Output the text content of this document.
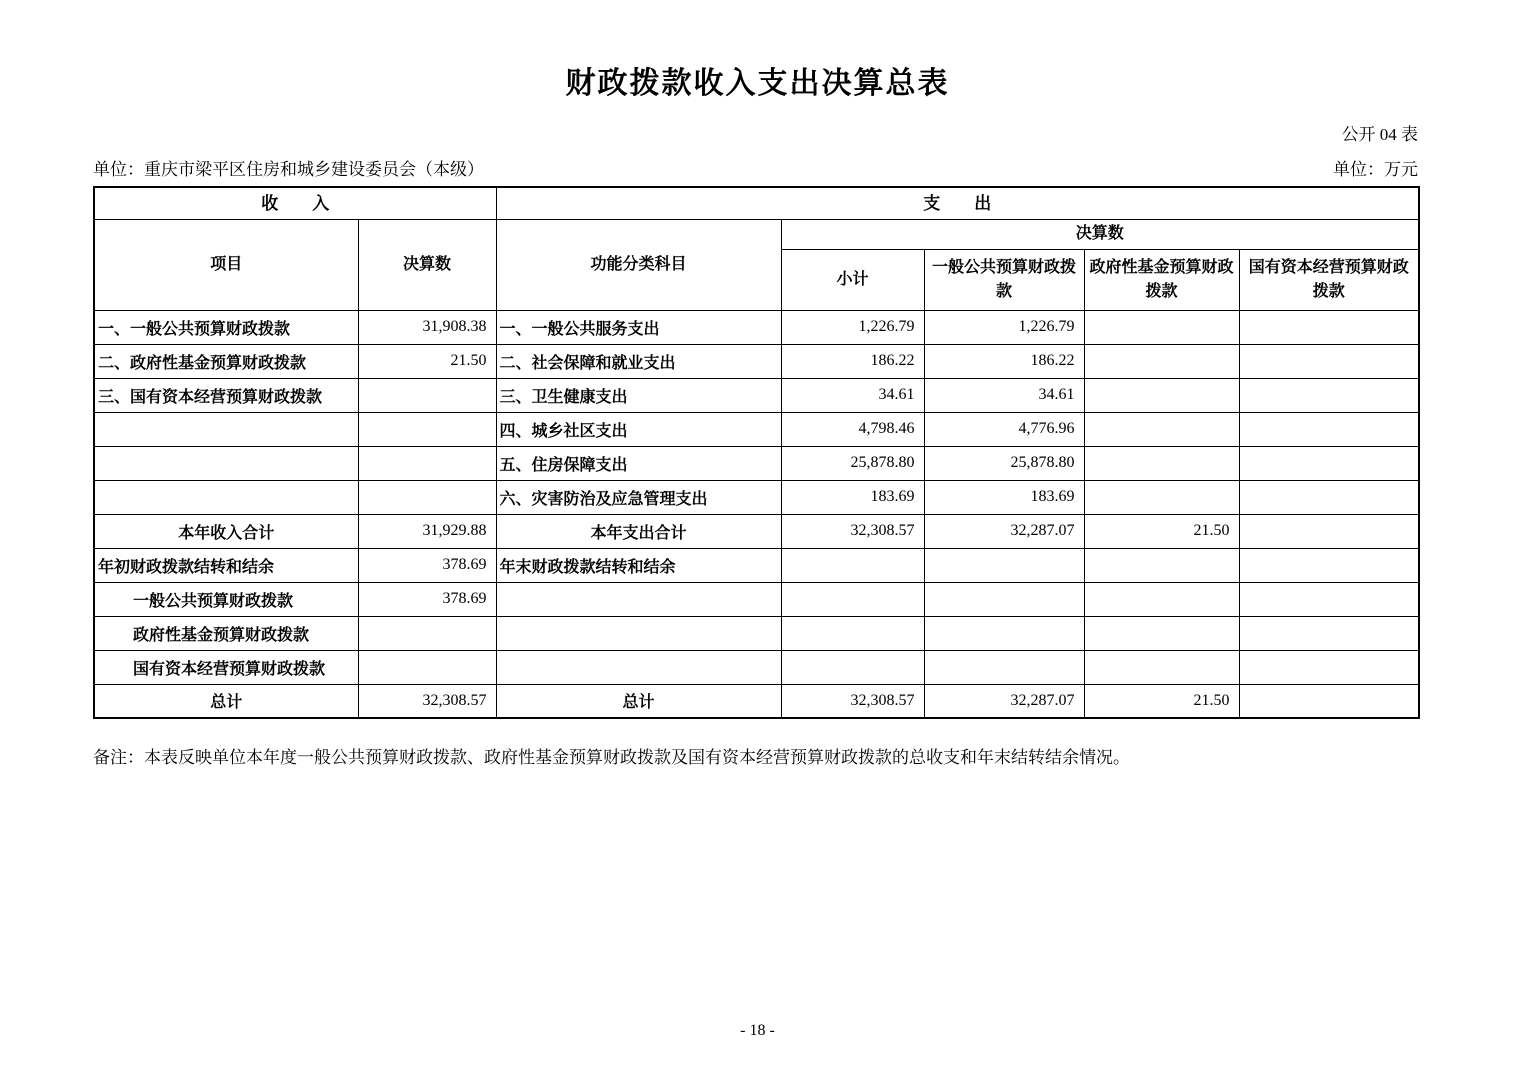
财政拨款收入支出决算总表
公开 04 表
单位：重庆市梁平区住房和城乡建设委员会（本级）	单位：万元
收　　入		支　　出				
项目	决算数	功能分类科目	决算数			
			小计	一般公共预算财政拨款	政府性基金预算财政拨款	国有资本经营预算财政拨款
一、一般公共预算财政拨款	31,908.38	一、一般公共服务支出	1,226.79	1,226.79		
二、政府性基金预算财政拨款	21.50	二、社会保障和就业支出	186.22	186.22		
三、国有资本经营预算财政拨款		三、卫生健康支出	34.61	34.61		
		四、城乡社区支出	4,798.46	4,776.96		
		五、住房保障支出	25,878.80	25,878.80		
		六、灾害防治及应急管理支出	183.69	183.69		
本年收入合计	31,929.88	本年支出合计	32,308.57	32,287.07	21.50	
年初财政拨款结转和结余	378.69	年末财政拨款结转和结余				
一般公共预算财政拨款	378.69					
政府性基金预算财政拨款						
国有资本经营预算财政拨款						
总计	32,308.57	总计	32,308.57	32,287.07	21.50	
备注：本表反映单位本年度一般公共预算财政拨款、政府性基金预算财政拨款及国有资本经营预算财政拨款的总收支和年末结转结余情况。
- 18 -
